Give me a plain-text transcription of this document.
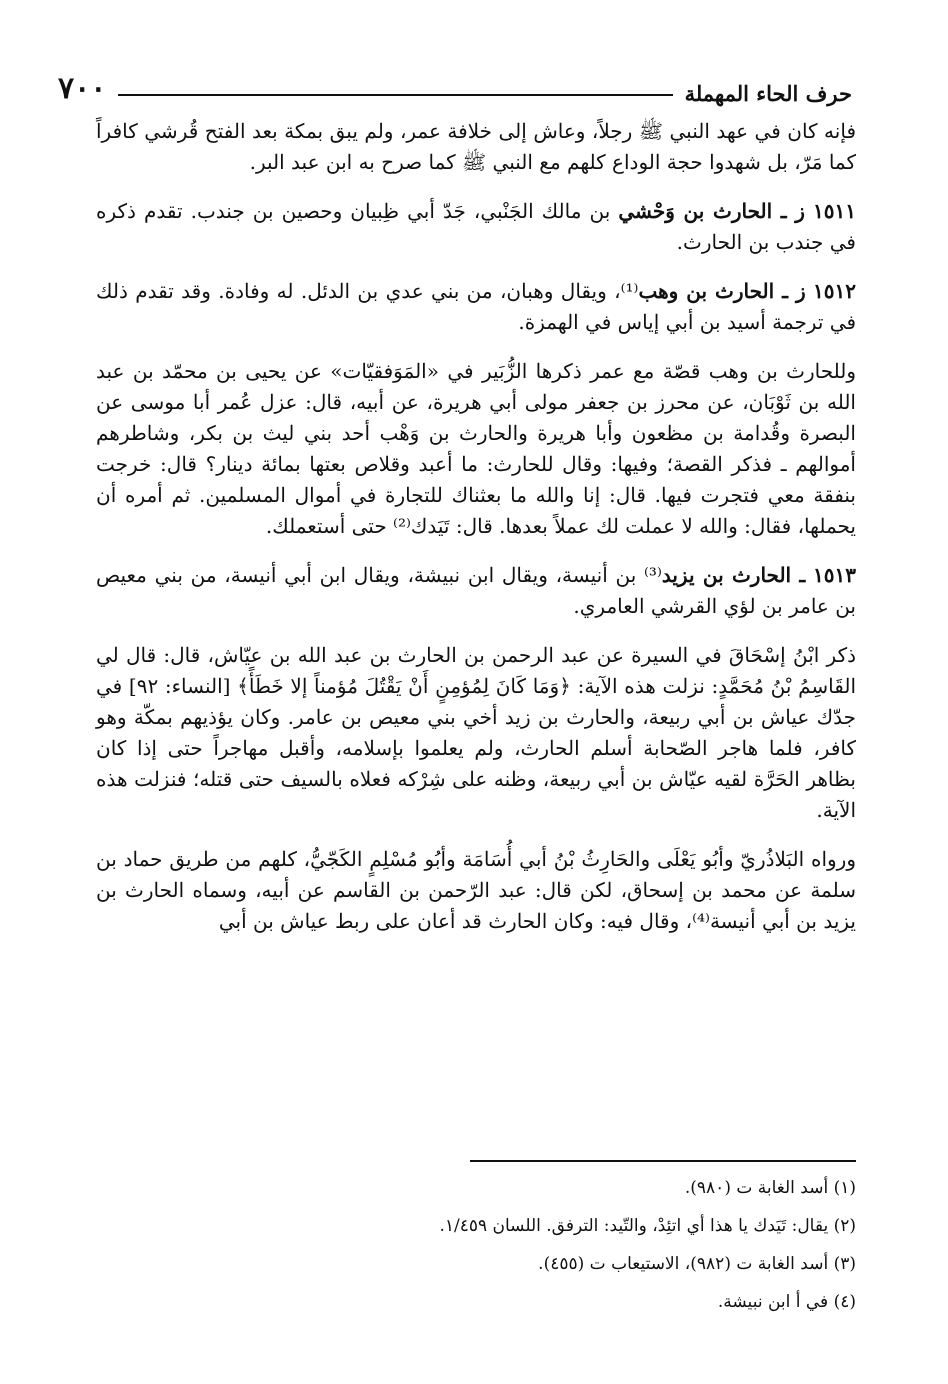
حرف الحاء المهملة
٧٠٠

فإنه كان في عهد النبي ﷺ رجلاً، وعاش إلى خلافة عمر، ولم يبق بمكة بعد الفتح قُرشي كافراً كما مَرّ، بل شهدوا حجة الوداع كلهم مع النبي ﷺ كما صرح به ابن عبد البر.

١٥١١ ز ـ الحارث بن وَحْشي بن مالك الجَنْبي، جَدّ أبي ظِبيان وحصين بن جندب. تقدم ذكره في جندب بن الحارث.

١٥١٢ ز ـ الحارث بن وهب⁽¹⁾، ويقال وهبان، من بني عدي بن الدئل. له وفادة. وقد تقدم ذلك في ترجمة أسيد بن أبي إياس في الهمزة.

وللحارث بن وهب قصّة مع عمر ذكرها الزُّبَير في «المَوَفقيّات» عن يحيى بن محمّد بن عبد الله بن ثَوْبَان، عن محرز بن جعفر مولى أبي هريرة، عن أبيه، قال: عزل عُمر أبا موسى عن البصرة وقُدامة بن مظعون وأبا هريرة والحارث بن وَهْب أحد بني ليث بن بكر، وشاطرهم أموالهم ـ فذكر القصة؛ وفيها: وقال للحارث: ما أعبد وقلاص بعتها بمائة دينار؟ قال: خرجت بنفقة معي فتجرت فيها. قال: إنا والله ما بعثناك للتجارة في أموال المسلمين. ثم أمره أن يحملها، فقال: والله لا عملت لك عملاً بعدها. قال: تَيَدك⁽²⁾ حتى أستعملك.

١٥١٣ ـ الحارث بن يزيد⁽³⁾ بن أنيسة، ويقال ابن نبيشة، ويقال ابن أبي أنيسة، من بني معيص بن عامر بن لؤي القرشي العامري.

ذكر ابْنُ إسْحَاقَ في السيرة عن عبد الرحمن بن الحارث بن عبد الله بن عيّاش، قال: قال لي القَاسِمُ بْنُ مُحَمَّدٍ: نزلت هذه الآية: ﴿وَمَا كَانَ لِمُؤمِنٍ أَنْ يَقْتُلَ مُؤمناً إلا خَطَأً﴾ [النساء: ٩٢] في جدّك عياش بن أبي ربيعة، والحارث بن زيد أخي بني معيص بن عامر. وكان يؤذيهم بمكّة وهو كافر، فلما هاجر الصّحابة أسلم الحارث، ولم يعلموا بإسلامه، وأقبل مهاجراً حتى إذا كان بظاهر الحَرَّة لقيه عيّاش بن أبي ربيعة، وظنه على شِرْكه فعلاه بالسيف حتى قتله؛ فنزلت هذه الآية.

ورواه البَلاذُريّ وأبُو يَعْلَى والحَارِثُ بْنُ أبي أُسَامَة وأبُو مُسْلِمٍ الكَجّيُّ، كلهم من طريق حماد بن سلمة عن محمد بن إسحاق، لكن قال: عبد الرّحمن بن القاسم عن أبيه، وسماه الحارث بن يزيد بن أبي أنيسة⁽⁴⁾، وقال فيه: وكان الحارث قد أعان على ربط عياش بن أبي

(١) أسد الغابة ت (٩٨٠).
(٢) يقال: تَيَدك يا هذا أي اتئِدْ، والتّيد: الترفق. اللسان ١/٤٥٩.
(٣) أسد الغابة ت (٩٨٢)، الاستيعاب ت (٤٥٥).
(٤) في أ ابن نبيشة.
